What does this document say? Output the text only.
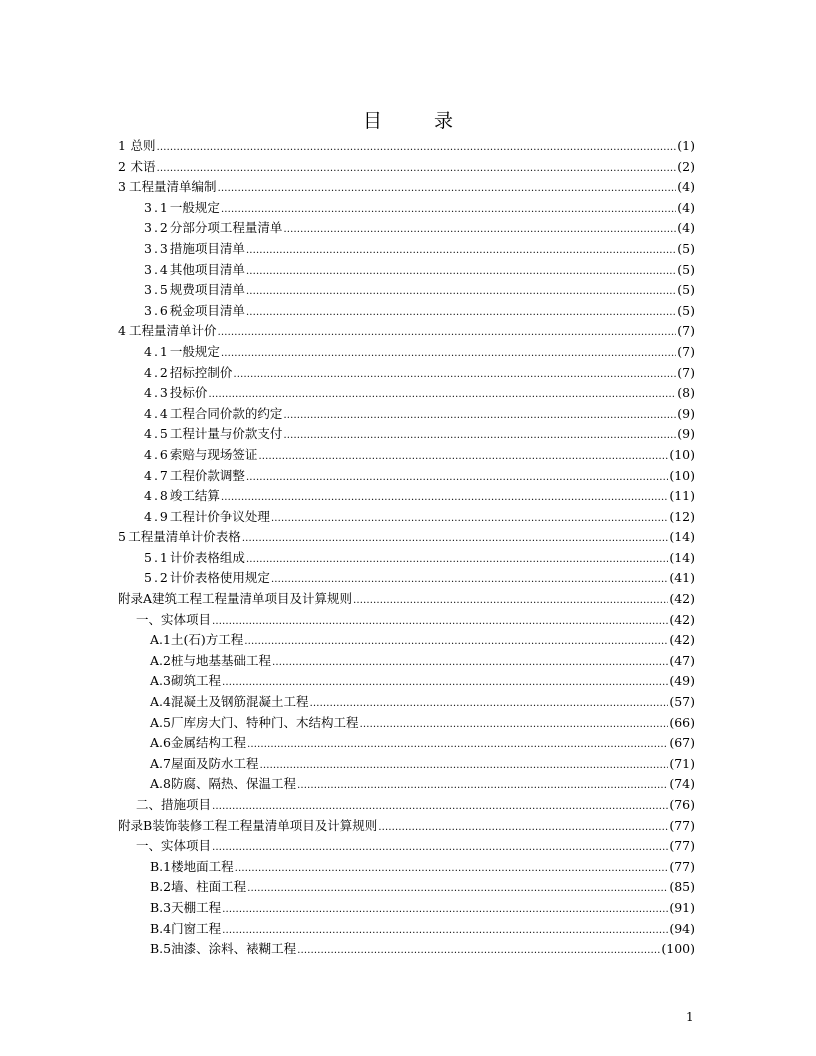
目	录
1 总则 ……………………………………………………………………………………………………………………………………………………………………………………………………………………………………………………	(1)
2 术语 ……………………………………………………………………………………………………………………………………………………………………………………………………………………………………………………	(2)
3 工程量清单编制 ……………………………………………………………………………………………………………………………………………………………………………………………………………………………………………………	(4)
3.1 一般规定 ……………………………………………………………………………………………………………………………………………………………………………………………………………………………………………………	(4)
3.2 分部分项工程量清单 ……………………………………………………………………………………………………………………………………………………………………………………………………………………………………………………	(4)
3.3 措施项目清单 ……………………………………………………………………………………………………………………………………………………………………………………………………………………………………………………	(5)
3.4 其他项目清单 ……………………………………………………………………………………………………………………………………………………………………………………………………………………………………………………	(5)
3.5 规费项目清单 ……………………………………………………………………………………………………………………………………………………………………………………………………………………………………………………	(5)
3.6 税金项目清单 ……………………………………………………………………………………………………………………………………………………………………………………………………………………………………………………	(5)
4 工程量清单计价 ……………………………………………………………………………………………………………………………………………………………………………………………………………………………………………………	(7)
4.1 一般规定 ……………………………………………………………………………………………………………………………………………………………………………………………………………………………………………………	(7)
4.2 招标控制价 ……………………………………………………………………………………………………………………………………………………………………………………………………………………………………………………	(7)
4.3 投标价 ……………………………………………………………………………………………………………………………………………………………………………………………………………………………………………………	(8)
4.4 工程合同价款的约定 ……………………………………………………………………………………………………………………………………………………………………………………………………………………………………………………	(9)
4.5 工程计量与价款支付 ……………………………………………………………………………………………………………………………………………………………………………………………………………………………………………………	(9)
4.6 索赔与现场签证 ……………………………………………………………………………………………………………………………………………………………………………………………………………………………………………………	(10)
4.7 工程价款调整 ……………………………………………………………………………………………………………………………………………………………………………………………………………………………………………………	(10)
4.8 竣工结算 ……………………………………………………………………………………………………………………………………………………………………………………………………………………………………………………	(11)
4.9 工程计价争议处理 ……………………………………………………………………………………………………………………………………………………………………………………………………………………………………………………	(12)
5 工程量清单计价表格 ……………………………………………………………………………………………………………………………………………………………………………………………………………………………………………………	(14)
5.1 计价表格组成 ……………………………………………………………………………………………………………………………………………………………………………………………………………………………………………………	(14)
5.2 计价表格使用规定 ……………………………………………………………………………………………………………………………………………………………………………………………………………………………………………………	(41)
附录A 建筑工程工程量清单项目及计算规则 ……………………………………………………………………………………………………………………………………………………………………………………………………………………………………………………	(42)
一、实体项目 ……………………………………………………………………………………………………………………………………………………………………………………………………………………………………………………	(42)
A.1 土(石)方工程 ……………………………………………………………………………………………………………………………………………………………………………………………………………………………………………………	(42)
A.2 桩与地基基础工程 ……………………………………………………………………………………………………………………………………………………………………………………………………………………………………………………	(47)
A.3 砌筑工程 ……………………………………………………………………………………………………………………………………………………………………………………………………………………………………………………	(49)
A.4 混凝土及钢筋混凝土工程 ……………………………………………………………………………………………………………………………………………………………………………………………………………………………………………………	(57)
A.5 厂库房大门、特种门、木结构工程 ……………………………………………………………………………………………………………………………………………………………………………………………………………………………………………………	(66)
A.6 金属结构工程 ……………………………………………………………………………………………………………………………………………………………………………………………………………………………………………………	(67)
A.7 屋面及防水工程 ……………………………………………………………………………………………………………………………………………………………………………………………………………………………………………………	(71)
A.8 防腐、隔热、保温工程 ……………………………………………………………………………………………………………………………………………………………………………………………………………………………………………………	(74)
二、措施项目 ……………………………………………………………………………………………………………………………………………………………………………………………………………………………………………………	(76)
附录B 装饰装修工程工程量清单项目及计算规则 ……………………………………………………………………………………………………………………………………………………………………………………………………………………………………………………	(77)
一、实体项目 ……………………………………………………………………………………………………………………………………………………………………………………………………………………………………………………	(77)
B.1 楼地面工程 ……………………………………………………………………………………………………………………………………………………………………………………………………………………………………………………	(77)
B.2 墙、柱面工程 ……………………………………………………………………………………………………………………………………………………………………………………………………………………………………………………	(85)
B.3 天棚工程 ……………………………………………………………………………………………………………………………………………………………………………………………………………………………………………………	(91)
B.4 门窗工程 ……………………………………………………………………………………………………………………………………………………………………………………………………………………………………………………	(94)
B.5 油漆、涂料、裱糊工程 ……………………………………………………………………………………………………………………………………………………………………………………………………………………………………………………	(100)
1
